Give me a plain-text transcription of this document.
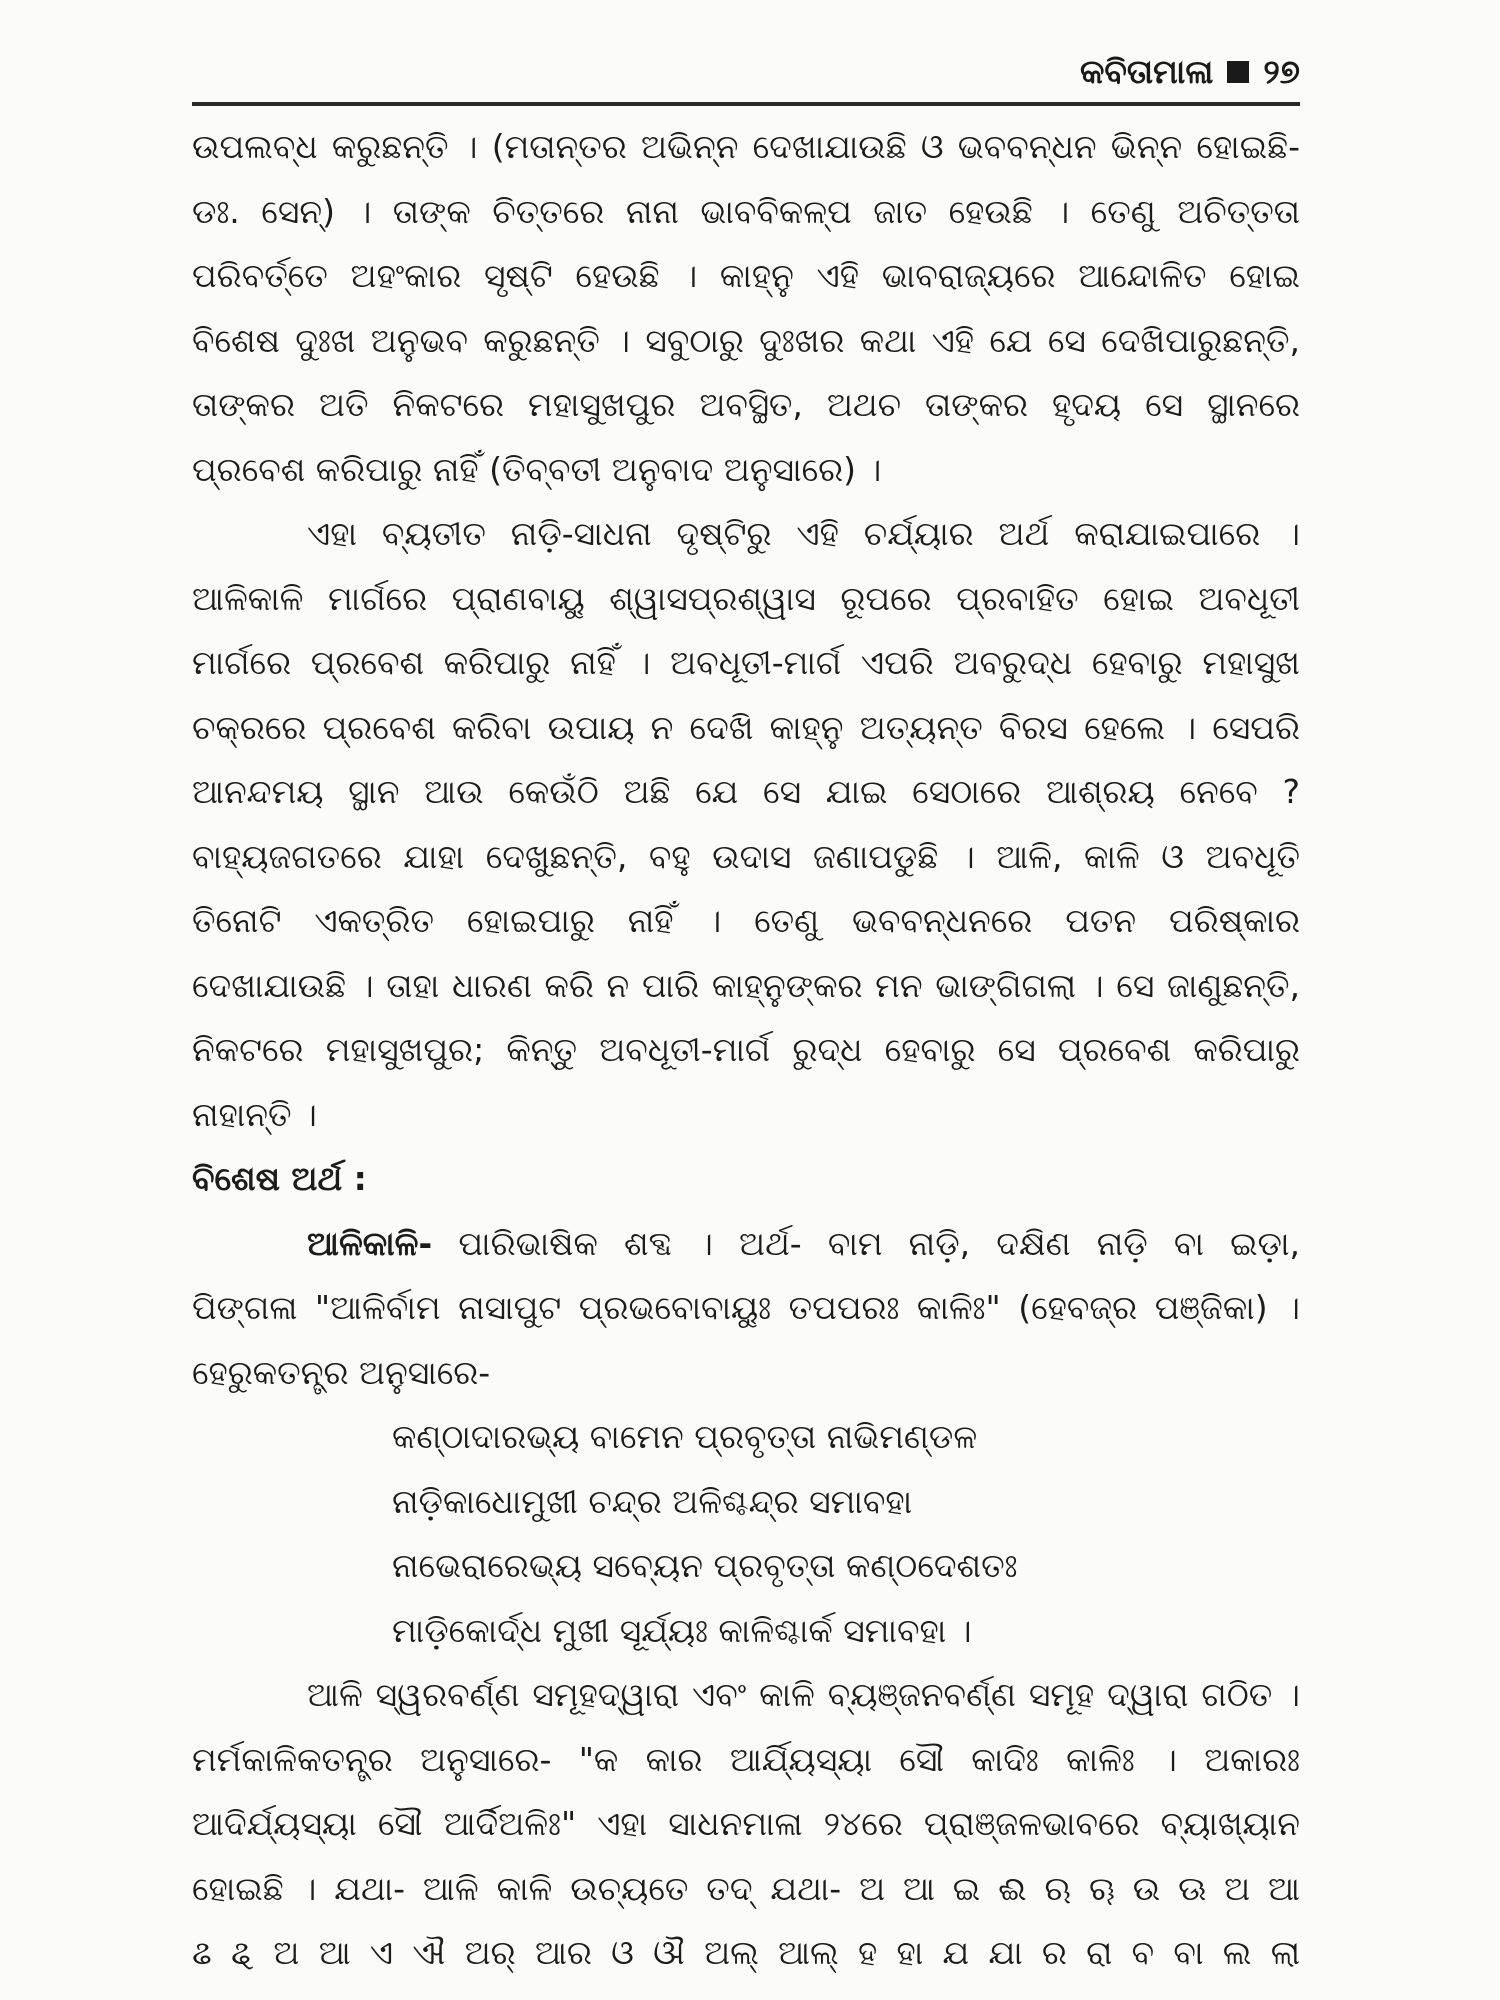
କବିତାମାଳା ୨୭
ଉପଲବ୍ଧ କରୁଛନ୍ତି । (ମତାନ୍ତର ଅଭିନ୍ନ ଦେଖାଯାଉଛି ଓ ଭବବନ୍ଧନ ଭିନ୍ନ ହୋଇଛି-
ଡଃ. ସେନ୍) । ତାଙ୍କ ଚିତ୍ତରେ ନାନା ଭାବବିକଳ୍ପ ଜାତ ହେଉଛି । ତେଣୁ ଅଚିତ୍ତତା
ପରିବର୍ତ୍ତେ ଅହଂକାର ସୃଷ୍ଟି ହେଉଛି । କାହ୍ନୁ ଏହି ଭାବରାଜ୍ୟରେ ଆନ୍ଦୋଳିତ ହୋଇ
ବିଶେଷ ଦୁଃଖ ଅନୁଭବ କରୁଛନ୍ତି । ସବୁଠାରୁ ଦୁଃଖର କଥା ଏହି ଯେ ସେ ଦେଖିପାରୁଛନ୍ତି,
ତାଙ୍କର ଅତି ନିକଟରେ ମହାସୁଖପୁର ଅବସ୍ଥିତ, ଅଥଚ ତାଙ୍କର ହୃଦୟ ସେ ସ୍ଥାନରେ
ପ୍ରବେଶ କରିପାରୁ ନାହିଁ (ତିବ୍ବତୀ ଅନୁବାଦ ଅନୁସାରେ) ।
ଏହା ବ୍ୟତୀତ ନାଡ଼ି-ସାଧନା ଦୃଷ୍ଟିରୁ ଏହି ଚର୍ଯ୍ୟାର ଅର୍ଥ କରାଯାଇପାରେ ।
ଆଳିକାଳି ମାର୍ଗରେ ପ୍ରାଣବାୟୁ ଶ୍ୱାସପ୍ରଶ୍ୱାସ ରୂପରେ ପ୍ରବାହିତ ହୋଇ ଅବଧୂତୀ
ମାର୍ଗରେ ପ୍ରବେଶ କରିପାରୁ ନାହିଁ । ଅବଧୂତୀ-ମାର୍ଗ ଏପରି ଅବରୁଦ୍ଧ ହେବାରୁ ମହାସୁଖ
ଚକ୍ରରେ ପ୍ରବେଶ କରିବା ଉପାୟ ନ ଦେଖି କାହ୍ନୁ ଅତ୍ୟନ୍ତ ବିରସ ହେଲେ । ସେପରି
ଆନନ୍ଦମୟ ସ୍ଥାନ ଆଉ କେଉଁଠି ଅଛି ଯେ ସେ ଯାଇ ସେଠାରେ ଆଶ୍ରୟ ନେବେ ?
ବାହ୍ୟଜଗତରେ ଯାହା ଦେଖୁଛନ୍ତି, ବହୁ ଉଦାସ ଜଣାପଡୁଛି । ଆଳି, କାଳି ଓ ଅବଧୂତି
ତିନୋଟି ଏକତ୍ରିତ ହୋଇପାରୁ ନାହିଁ । ତେଣୁ ଭବବନ୍ଧନରେ ପତନ ପରିଷ୍କାର
ଦେଖାଯାଉଛି । ତାହା ଧାରଣ କରି ନ ପାରି କାହ୍ନୁଙ୍କର ମନ ଭାଙ୍ଗିଗଲା । ସେ ଜାଣୁଛନ୍ତି,
ନିକଟରେ ମହାସୁଖପୁର; କିନ୍ତୁ ଅବଧୂତୀ-ମାର୍ଗ ରୁଦ୍ଧ ହେବାରୁ ସେ ପ୍ରବେଶ କରିପାରୁ
ନାହାନ୍ତି ।
ବିଶେଷ ଅର୍ଥ :
ଆଳିକାଳି- ପାରିଭାଷିକ ଶବ୍ଦ । ଅର୍ଥ- ବାମ ନାଡ଼ି, ଦକ୍ଷିଣ ନାଡ଼ି ବା ଇଡ଼ା,
ପିଙ୍ଗଳା "ଆଳିର୍ବାମ ନାସାପୁଟ ପ୍ରଭବୋବାୟୁଃ ତପପରଃ କାଳିଃ" (ହେବଜ୍ର ପଞ୍ଜିକା) ।
ହେରୁକତନ୍ତ୍ର ଅନୁସାରେ-
କଣ୍ଠାଦାରଭ୍ୟ ବାମେନ ପ୍ରବୃତ୍ତା ନାଭିମଣ୍ଡଳ
ନାଡ଼ିକାଧୋମୁଖୀ ଚନ୍ଦ୍ର ଅଳିଶ୍ଚନ୍ଦ୍ର ସମାବହା
ନାଭେରାରେଭ୍ୟ ସବ୍ୟେନ ପ୍ରବୃତ୍ତା କଣ୍ଠଦେଶତଃ
ମାଡ଼ିକୋର୍ଦ୍ଧ ମୁଖୀ ସୂର୍ଯ୍ୟଃ କାଳିଶ୍ଚାର୍କ ସମାବହା ।
ଆଳି ସ୍ୱରବର୍ଣ୍ଣ ସମୂହଦ୍ୱାରା ଏବଂ କାଳି ବ୍ୟଞ୍ଜନବର୍ଣ୍ଣ ସମୂହ ଦ୍ୱାରା ଗଠିତ ।
ମର୍ମକାଳିକତନ୍ତ୍ର ଅନୁସାରେ- "କ କାର ଆର୍ଯ୍ୟିସ୍ୟା ସୌ କାଦିଃ କାଳିଃ । ଅକାରଃ
ଆଦିର୍ଯ୍ୟସ୍ୟା ସୌ ଆର୍ଦିଅଳିଃ" ଏହା ସାଧନମାଳା ୨୪ରେ ପ୍ରାଞ୍ଜଳଭାବରେ ବ୍ୟାଖ୍ୟାନ
ହୋଇଛି । ଯଥା- ଆଳି କାଳି ଉଚ୍ୟତେ ତଦ୍ ଯଥା- ଅ ଆ ଇ ଈ ଋ ୠ ଉ ଊ ଅ ଆ
ଌ ୡ ଅ ଆ ଏ ଐ ଅର୍ ଆର ଓ ଔ ଅଲ୍ ଆଲ୍ ହ ହା ଯ ଯା ର ରା ବ ବା ଲ ଲା
